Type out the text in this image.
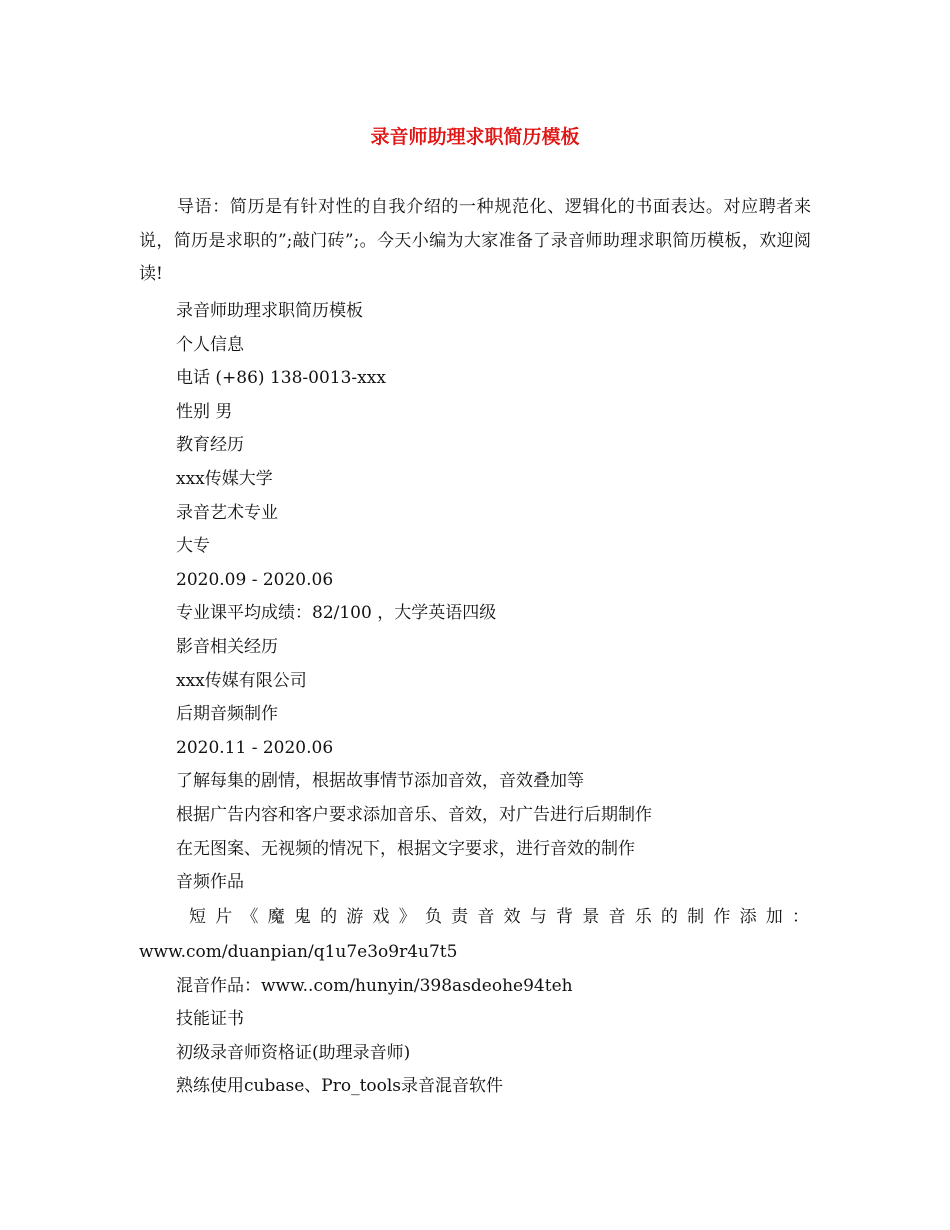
录音师助理求职简历模板

导语：简历是有针对性的自我介绍的一种规范化、逻辑化的书面表达。对应聘者来说，简历是求职的”;敲门砖”;。今天小编为大家准备了录音师助理求职简历模板，欢迎阅读!

录音师助理求职简历模板
个人信息
电话 (+86) 138-0013-xxx
性别 男
教育经历
xxx传媒大学
录音艺术专业
大专
2020.09 - 2020.06
专业课平均成绩：82/100 ，大学英语四级
影音相关经历
xxx传媒有限公司
后期音频制作
2020.11 - 2020.06
了解每集的剧情，根据故事情节添加音效，音效叠加等
根据广告内容和客户要求添加音乐、音效，对广告进行后期制作
在无图案、无视频的情况下，根据文字要求，进行音效的制作
音频作品
短片《魔鬼的游戏》负责音效与背景音乐的制作添加：
www.com/duanpian/q1u7e3o9r4u7t5
混音作品：www..com/hunyin/398asdeohe94teh
技能证书
初级录音师资格证(助理录音师)
熟练使用cubase、Pro_tools录音混音软件
